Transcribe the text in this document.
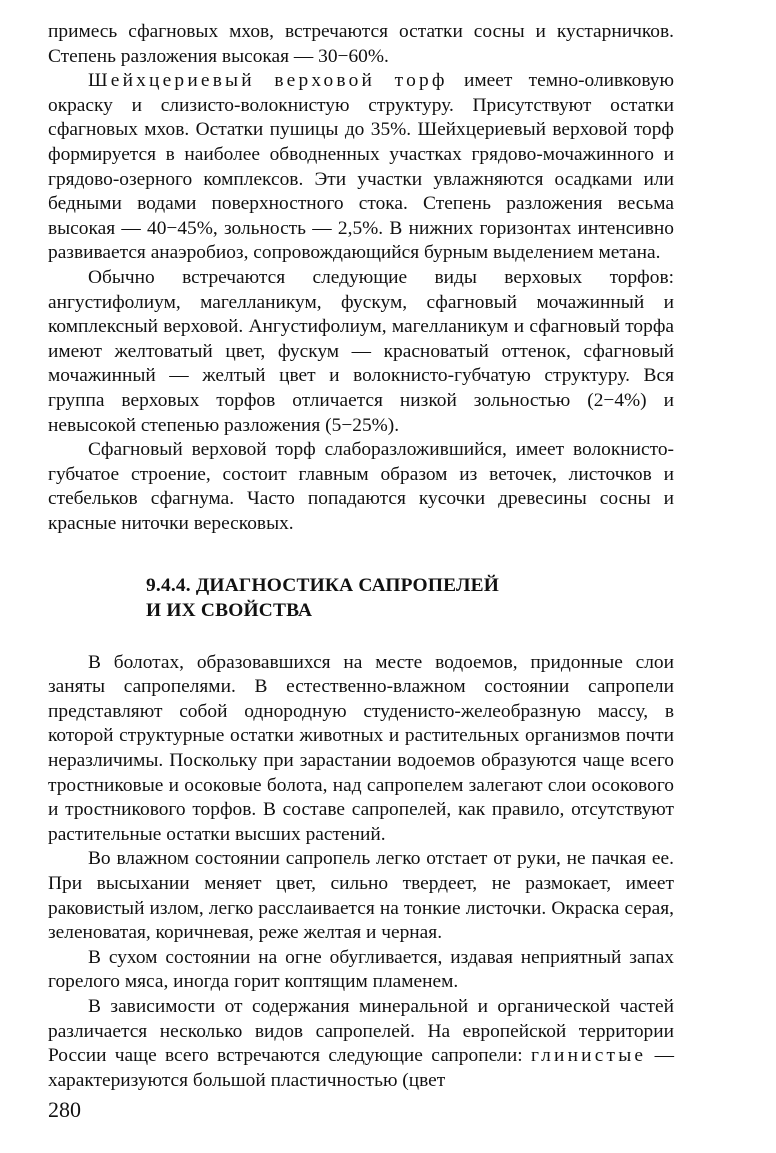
примесь сфагновых мхов, встречаются остатки сосны и кустарничков. Степень разложения высокая — 30−60%.

Шейхцериевый верховой торф имеет темно-оливковую окраску и слизисто-волокнистую структуру. Присутствуют остатки сфагновых мхов. Остатки пушицы до 35%. Шейхцериевый верховой торф формируется в наиболее обводненных участках грядово-мочажинного и грядово-озерного комплексов. Эти участки увлажняются осадками или бедными водами поверхностного стока. Степень разложения весьма высокая — 40−45%, зольность — 2,5%. В нижних горизонтах интенсивно развивается анаэробиоз, сопровождающийся бурным выделением метана.

Обычно встречаются следующие виды верховых торфов: ангустифолиум, магелланикум, фускум, сфагновый мочажинный и комплексный верховой. Ангустифолиум, магелланикум и сфагновый торфа имеют желтоватый цвет, фускум — красноватый оттенок, сфагновый мочажинный — желтый цвет и волокнисто-губчатую структуру. Вся группа верховых торфов отличается низкой зольностью (2−4%) и невысокой степенью разложения (5−25%).

Сфагновый верховой торф слаборазложившийся, имеет волокнисто-губчатое строение, состоит главным образом из веточек, листочков и стебельков сфагнума. Часто попадаются кусочки древесины сосны и красные ниточки вересковых.

9.4.4. ДИАГНОСТИКА САПРОПЕЛЕЙ
И ИХ СВОЙСТВА

В болотах, образовавшихся на месте водоемов, придонные слои заняты сапропелями. В естественно-влажном состоянии сапропели представляют собой однородную студенисто-желеобразную массу, в которой структурные остатки животных и растительных организмов почти неразличимы. Поскольку при зарастании водоемов образуются чаще всего тростниковые и осоковые болота, над сапропелем залегают слои осокового и тростникового торфов. В составе сапропелей, как правило, отсутствуют растительные остатки высших растений.

Во влажном состоянии сапропель легко отстает от руки, не пачкая ее. При высыхании меняет цвет, сильно твердеет, не размокает, имеет раковистый излом, легко расслаивается на тонкие листочки. Окраска серая, зеленоватая, коричневая, реже желтая и черная.

В сухом состоянии на огне обугливается, издавая неприятный запах горелого мяса, иногда горит коптящим пламенем.

В зависимости от содержания минеральной и органической частей различается несколько видов сапропелей. На европейской территории России чаще всего встречаются следующие сапропели: глинистые — характеризуются большой пластичностью (цвет

280
